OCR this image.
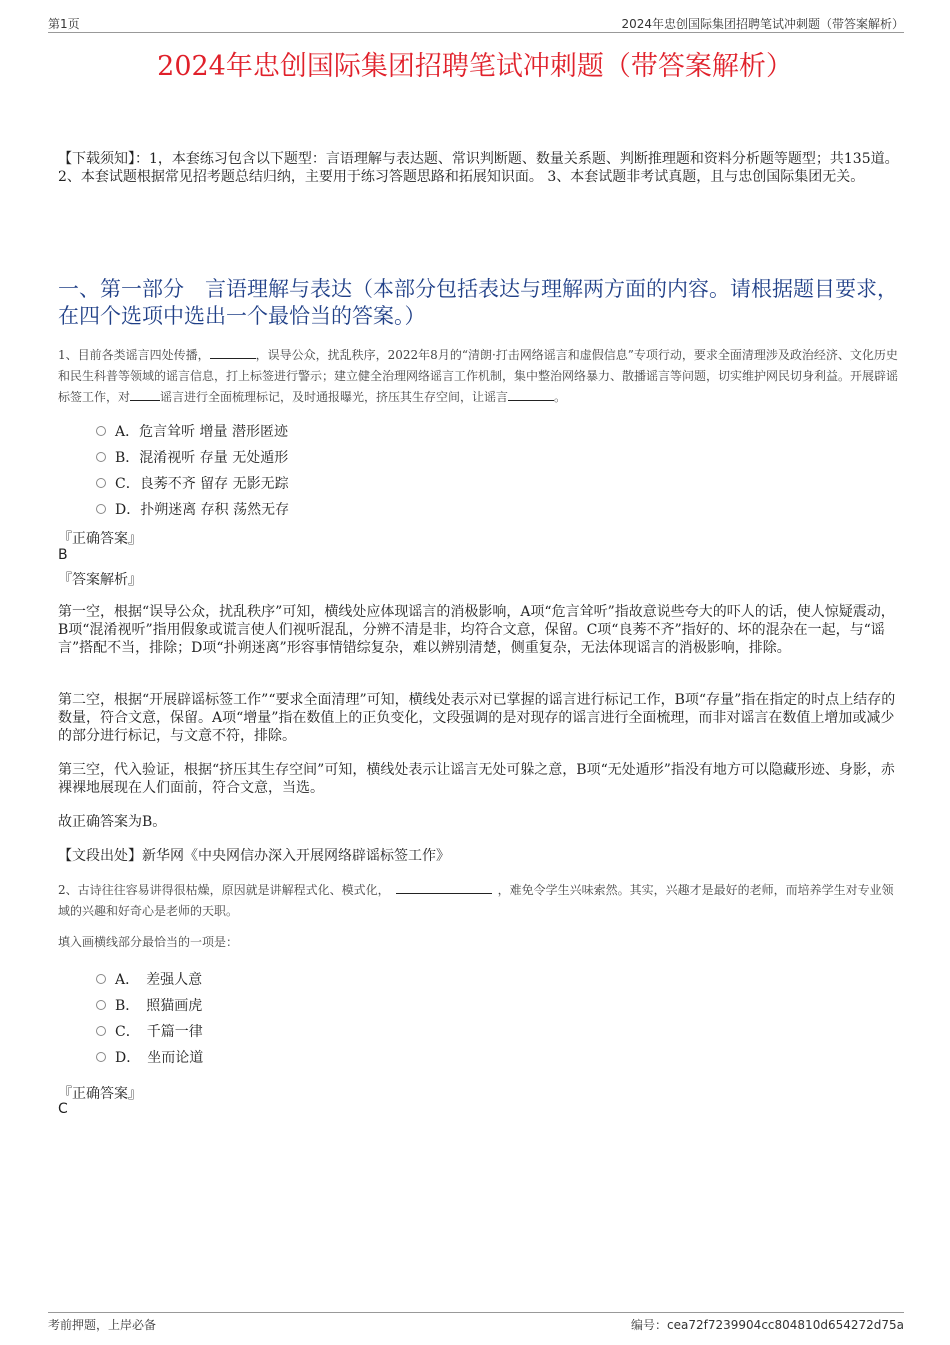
第1页	2024年忠创国际集团招聘笔试冲刺题（带答案解析）
2024年忠创国际集团招聘笔试冲刺题（带答案解析）
【下载须知】：1，本套练习包含以下题型：言语理解与表达题、常识判断题、数量关系题、判断推理题和资料分析题等题型；共135道。 2、本套试题根据常见招考题总结归纳，主要用于练习答题思路和拓展知识面。 3、本套试题非考试真题，且与忠创国际集团无关。
一、第一部分　言语理解与表达（本部分包括表达与理解两方面的内容。请根据题目要求，在四个选项中选出一个最恰当的答案。）
1、目前各类谣言四处传播，	，误导公众，扰乱秩序，2022年8月的“清朗·打击网络谣言和虚假信息”专项行动，要求全面清理涉及政治经济、文化历史和民生科普等领域的谣言信息，打上标签进行警示；建立健全治理网络谣言工作机制，集中整治网络暴力、散播谣言等问题，切实维护网民切身利益。开展辟谣标签工作，对	谣言进行全面梳理标记，及时通报曝光，挤压其生存空间，让谣言	。
A．危言耸听 增量 潜形匿迹
B．混淆视听 存量 无处遁形
C．良莠不齐 留存 无影无踪
D．扑朔迷离 存积 荡然无存
『正确答案』
B
『答案解析』

第一空，根据“误导公众，扰乱秩序”可知，横线处应体现谣言的消极影响，A项“危言耸听”指故意说些夸大的吓人的话，使人惊疑震动，B项“混淆视听”指用假象或谎言使人们视听混乱，分辨不清是非，均符合文意，保留。C项“良莠不齐”指好的、坏的混杂在一起，与“谣言”搭配不当，排除；D项“扑朔迷离”形容事情错综复杂，难以辨别清楚，侧重复杂，无法体现谣言的消极影响，排除。

第二空，根据“开展辟谣标签工作”“要求全面清理”可知，横线处表示对已掌握的谣言进行标记工作，B项“存量”指在指定的时点上结存的数量，符合文意，保留。A项“增量”指在数值上的正负变化，文段强调的是对现存的谣言进行全面梳理，而非对谣言在数值上增加或减少的部分进行标记，与文意不符，排除。

第三空，代入验证，根据“挤压其生存空间”可知，横线处表示让谣言无处可躲之意，B项“无处遁形”指没有地方可以隐藏形迹、身影，赤裸裸地展现在人们面前，符合文意，当选。

故正确答案为B。

【文段出处】新华网《中央网信办深入开展网络辟谣标签工作》

2、古诗往往容易讲得很枯燥，原因就是讲解程式化、模式化，	，难免令学生兴味索然。其实，兴趣才是最好的老师，而培养学生对专业领域的兴趣和好奇心是老师的天职。
填入画横线部分最恰当的一项是：
A．　差强人意
B．　照猫画虎
C．　千篇一律
D．　坐而论道
『正确答案』
C
考前押题，上岸必备	编号：cea72f7239904cc804810d654272d75a
